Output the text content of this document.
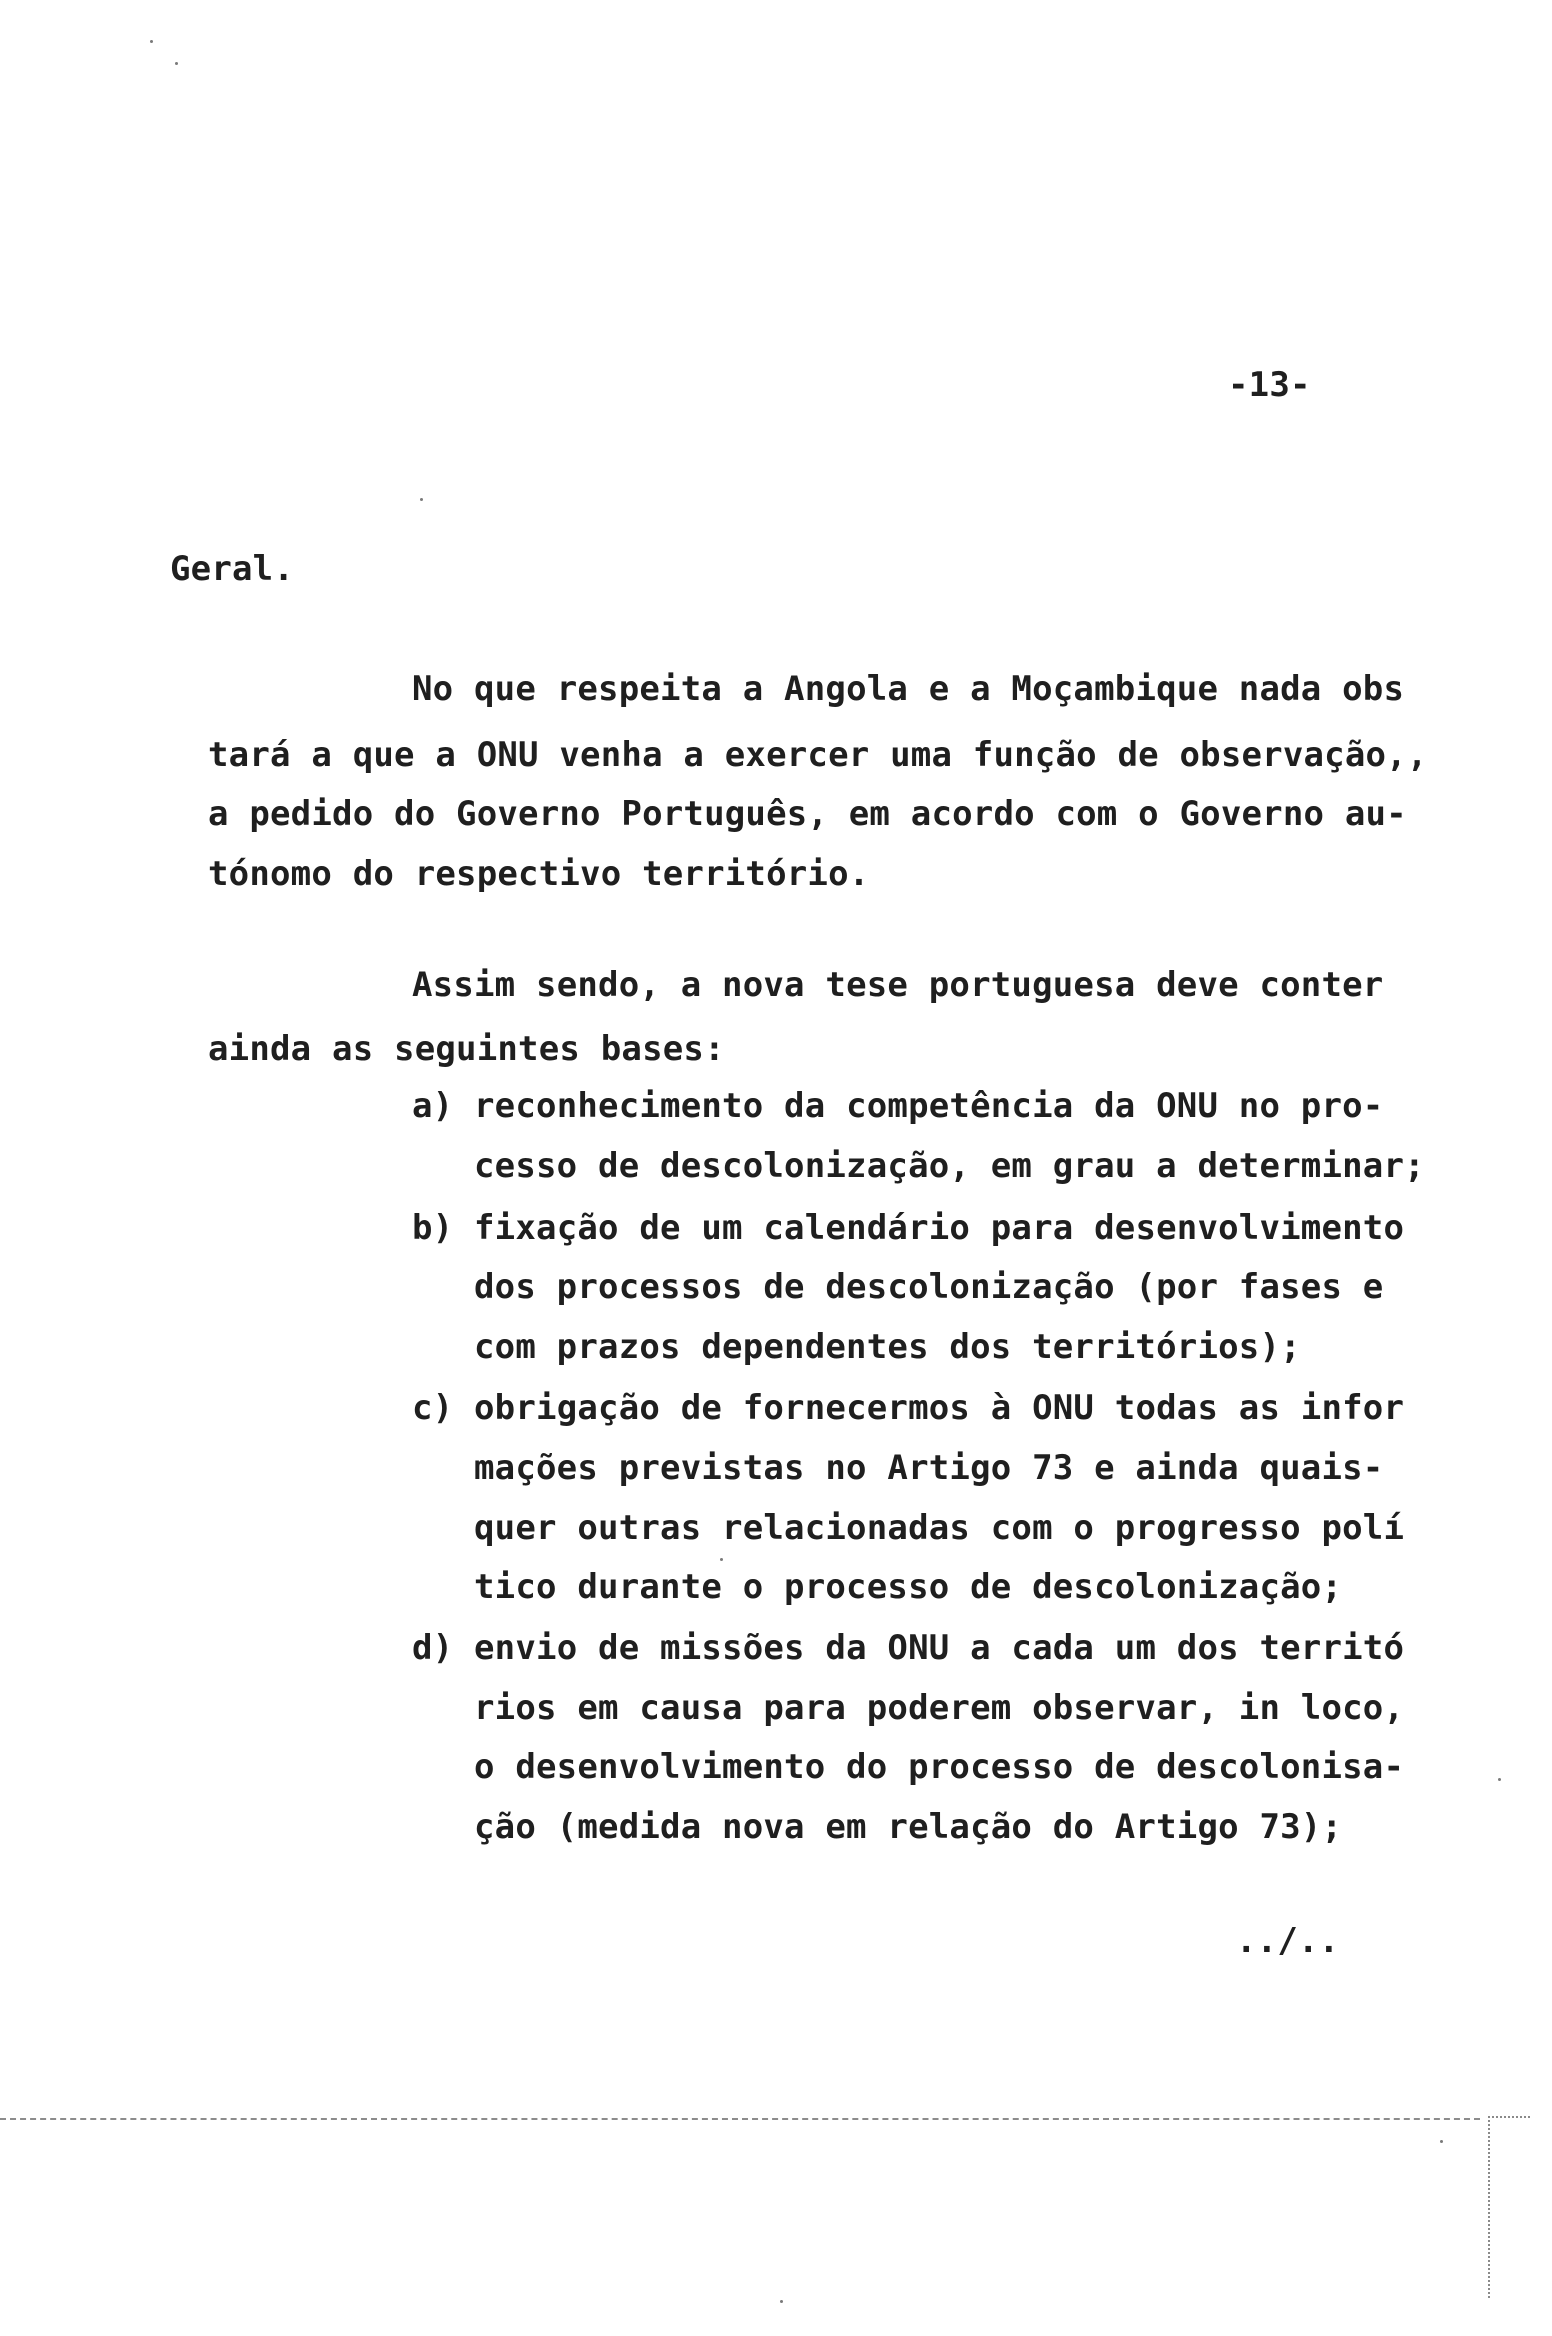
-13-
Geral.
No que respeita a Angola e a Moçambique nada obs
tará a que a ONU venha a exercer uma função de observação,,
a pedido do Governo Português, em acordo com o Governo au-
tónomo do respectivo território.
Assim sendo, a nova tese portuguesa deve conter
ainda as seguintes bases:
a) reconhecimento da competência da ONU no pro-
cesso de descolonização, em grau a determinar;
b) fixação de um calendário para desenvolvimento
dos processos de descolonização (por fases e
com prazos dependentes dos territórios);
c) obrigação de fornecermos à ONU todas as infor
mações previstas no Artigo 73 e ainda quais-
quer outras relacionadas com o progresso polí
tico durante o processo de descolonização;
d) envio de missões da ONU a cada um dos territó
rios em causa para poderem observar, in loco,
o desenvolvimento do processo de descolonisa-
ção (medida nova em relação do Artigo 73);
../..
